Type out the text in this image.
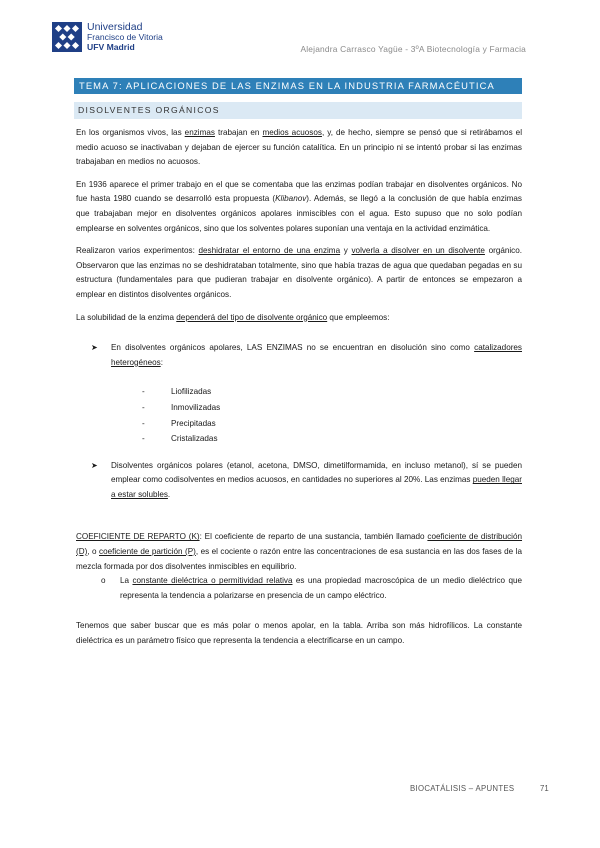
Universidad
Francisco de Vitoria
UFV Madrid	Alejandra Carrasco Yagüe - 3ºA Biotecnología y Farmacia
TEMA 7: APLICACIONES DE LAS ENZIMAS EN LA INDUSTRIA FARMACÉUTICA
DISOLVENTES ORGÁNICOS

En los organismos vivos, las enzimas trabajan en medios acuosos, y, de hecho, siempre se pensó que si retirábamos el medio acuoso se inactivaban y dejaban de ejercer su función catalítica. En un principio ni se intentó probar si las enzimas trabajaban en medios no acuosos.

En 1936 aparece el primer trabajo en el que se comentaba que las enzimas podían trabajar en disolventes orgánicos. No fue hasta 1980 cuando se desarrolló esta propuesta (Klibanov). Además, se llegó a la conclusión de que había enzimas que trabajaban mejor en disolventes orgánicos apolares inmiscibles con el agua. Esto supuso que no solo podían emplearse en solventes orgánicos, sino que los solventes polares suponían una ventaja en la actividad enzimática.

Realizaron varios experimentos: deshidratar el entorno de una enzima y volverla a disolver en un disolvente orgánico. Observaron que las enzimas no se deshidrataban totalmente, sino que había trazas de agua que quedaban pegadas en su estructura (fundamentales para que pudieran trabajar en disolvente orgánico). A partir de entonces se empezaron a emplear en distintos disolventes orgánicos.

La solubilidad de la enzima dependerá del tipo de disolvente orgánico que empleemos:

➤ En disolventes orgánicos apolares, LAS ENZIMAS no se encuentran en disolución sino como catalizadores heterogéneos:
-	Liofilizadas
-	Inmovilizadas
-	Precipitadas
-	Cristalizadas
➤ Disolventes orgánicos polares (etanol, acetona, DMSO, dimetilformamida, en incluso metanol), sí se pueden emplear como codisolventes en medios acuosos, en cantidades no superiores al 20%. Las enzimas pueden llegar a estar solubles.

COEFICIENTE DE REPARTO (K): El coeficiente de reparto de una sustancia, también llamado coeficiente de distribución (D), o coeficiente de partición (P), es el cociente o razón entre las concentraciones de esa sustancia en las dos fases de la mezcla formada por dos disolventes inmiscibles en equilibrio.

o La constante dieléctrica o permitividad relativa es una propiedad macroscópica de un medio dieléctrico que representa la tendencia a polarizarse en presencia de un campo eléctrico.

Tenemos que saber buscar que es más polar o menos apolar, en la tabla. Arriba son más hidrofílicos. La constante dieléctrica es un parámetro físico que representa la tendencia a electrificarse en un campo.

BIOCATÁLISIS – APUNTES	71
